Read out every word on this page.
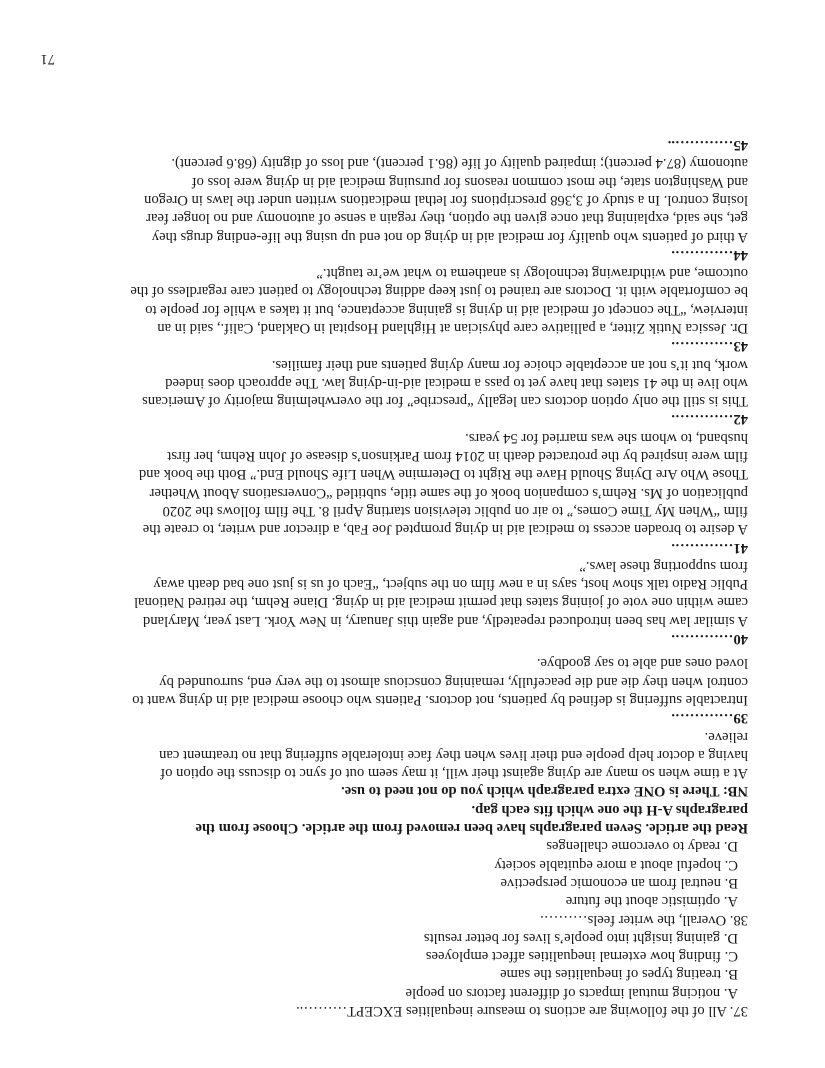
37. All of the following are actions to measure inequalities EXCEPT………..
A. noticing mutual impacts of different factors on people
B. treating types of inequalities the same
C. finding how external inequalities affect employees
D. gaining insight into people’s lives for better results
38. Overall, the writer feels……….
A. optimistic about the future
B. neutral from an economic perspective
C. hopeful about a more equitable society
D. ready to overcome challenges
Read the article. Seven paragraphs have been removed from the article. Choose from the
paragraphs A-H the one which fits each gap.
NB: There is ONE extra paragraph which you do not need to use.
At a time when so many are dying against their will, it may seem out of sync to discuss the option of
having a doctor help people end their lives when they face intolerable suffering that no treatment can
relieve.
39………….
Intractable suffering is defined by patients, not doctors. Patients who choose medical aid in dying want to
control when they die and die peacefully, remaining conscious almost to the very end, surrounded by
loved ones and able to say goodbye.
40………….
A similar law has been introduced repeatedly, and again this January, in New York. Last year, Maryland
came within one vote of joining states that permit medical aid in dying. Diane Rehm, the retired National
Public Radio talk show host, says in a new film on the subject, “Each of us is just one bad death away
from supporting these laws.”
41………….
A desire to broaden access to medical aid in dying prompted Joe Fab, a director and writer, to create the
film “When My Time Comes,” to air on public television starting April 8. The film follows the 2020
publication of Ms. Rehm’s companion book of the same title, subtitled “Conversations About Whether
Those Who Are Dying Should Have the Right to Determine When Life Should End.” Both the book and
film were inspired by the protracted death in 2014 from Parkinson’s disease of John Rehm, her first
husband, to whom she was married for 54 years.
42………….
This is still the only option doctors can legally “prescribe” for the overwhelming majority of Americans
who live in the 41 states that have yet to pass a medical aid-in-dying law. The approach does indeed
work, but it’s not an acceptable choice for many dying patients and their families.
43………….
Dr. Jessica Nutik Zitter, a palliative care physician at Highland Hospital in Oakland, Calif., said in an
interview, “The concept of medical aid in dying is gaining acceptance, but it takes a while for people to
be comfortable with it. Doctors are trained to just keep adding technology to patient care regardless of the
outcome, and withdrawing technology is anathema to what we’re taught.”
44………….
A third of patients who qualify for medical aid in dying do not end up using the life-ending drugs they
get, she said, explaining that once given the option, they regain a sense of autonomy and no longer fear
losing control. In a study of 3,368 prescriptions for lethal medications written under the laws in Oregon
and Washington state, the most common reasons for pursuing medical aid in dying were loss of
autonomy (87.4 percent); impaired quality of life (86.1 percent), and loss of dignity (68.6 percent).
45…………..
71
